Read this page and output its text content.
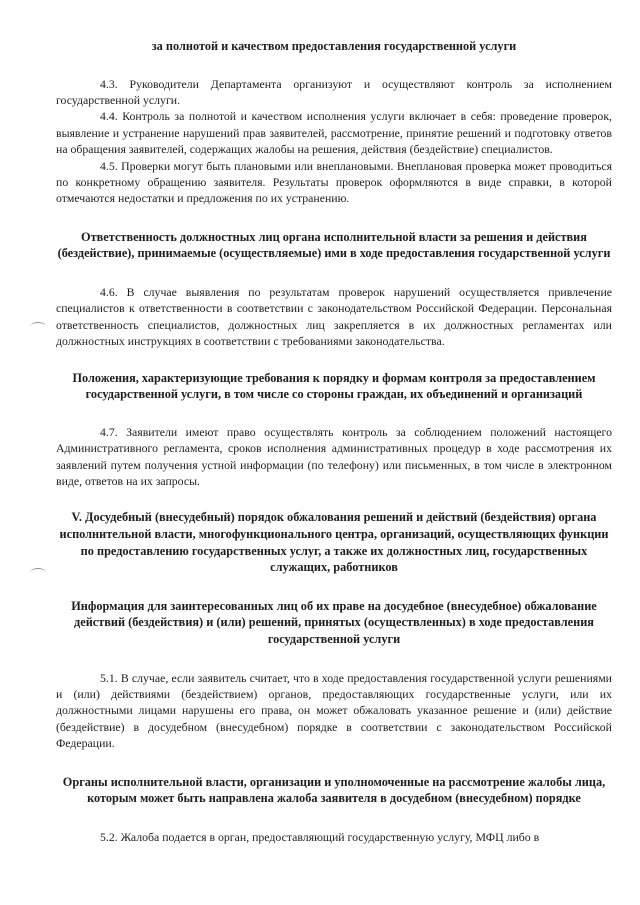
за полнотой и качеством предоставления государственной услуги

4.3. Руководители Департамента организуют и осуществляют контроль за исполнением государственной услуги.

4.4. Контроль за полнотой и качеством исполнения услуги включает в себя: проведение проверок, выявление и устранение нарушений прав заявителей, рассмотрение, принятие решений и подготовку ответов на обращения заявителей, содержащих жалобы на решения, действия (бездействие) специалистов.

4.5. Проверки могут быть плановыми или внеплановыми. Внеплановая проверка может проводиться по конкретному обращению заявителя. Результаты проверок оформляются в виде справки, в которой отмечаются недостатки и предложения по их устранению.

Ответственность должностных лиц органа исполнительной власти за решения и действия (бездействие), принимаемые (осуществляемые) ими в ходе предоставления государственной услуги

4.6. В случае выявления по результатам проверок нарушений осуществляется привлечение специалистов к ответственности в соответствии с законодательством Российской Федерации. Персональная ответственность специалистов, должностных лиц закрепляется в их должностных регламентах или должностных инструкциях в соответствии с требованиями законодательства.

Положения, характеризующие требования к порядку и формам контроля за предоставлением государственной услуги, в том числе со стороны граждан, их объединений и организаций

4.7. Заявители имеют право осуществлять контроль за соблюдением положений настоящего Административного регламента, сроков исполнения административных процедур в ходе рассмотрения их заявлений путем получения устной информации (по телефону) или письменных, в том числе в электронном виде, ответов на их запросы.

V. Досудебный (внесудебный) порядок обжалования решений и действий (бездействия) органа исполнительной власти, многофункционального центра, организаций, осуществляющих функции по предоставлению государственных услуг, а также их должностных лиц, государственных служащих, работников

Информация для заинтересованных лиц об их праве на досудебное (внесудебное) обжалование действий (бездействия) и (или) решений, принятых (осуществленных) в ходе предоставления государственной услуги

5.1. В случае, если заявитель считает, что в ходе предоставления государственной услуги решениями и (или) действиями (бездействием) органов, предоставляющих государственные услуги, или их должностными лицами нарушены его права, он может обжаловать указанное решение и (или) действие (бездействие) в досудебном (внесудебном) порядке в соответствии с законодательством Российской Федерации.

Органы исполнительной власти, организации и уполномоченные на рассмотрение жалобы лица, которым может быть направлена жалоба заявителя в досудебном (внесудебном) порядке

5.2. Жалоба подается в орган, предоставляющий государственную услугу, МФЦ либо в
